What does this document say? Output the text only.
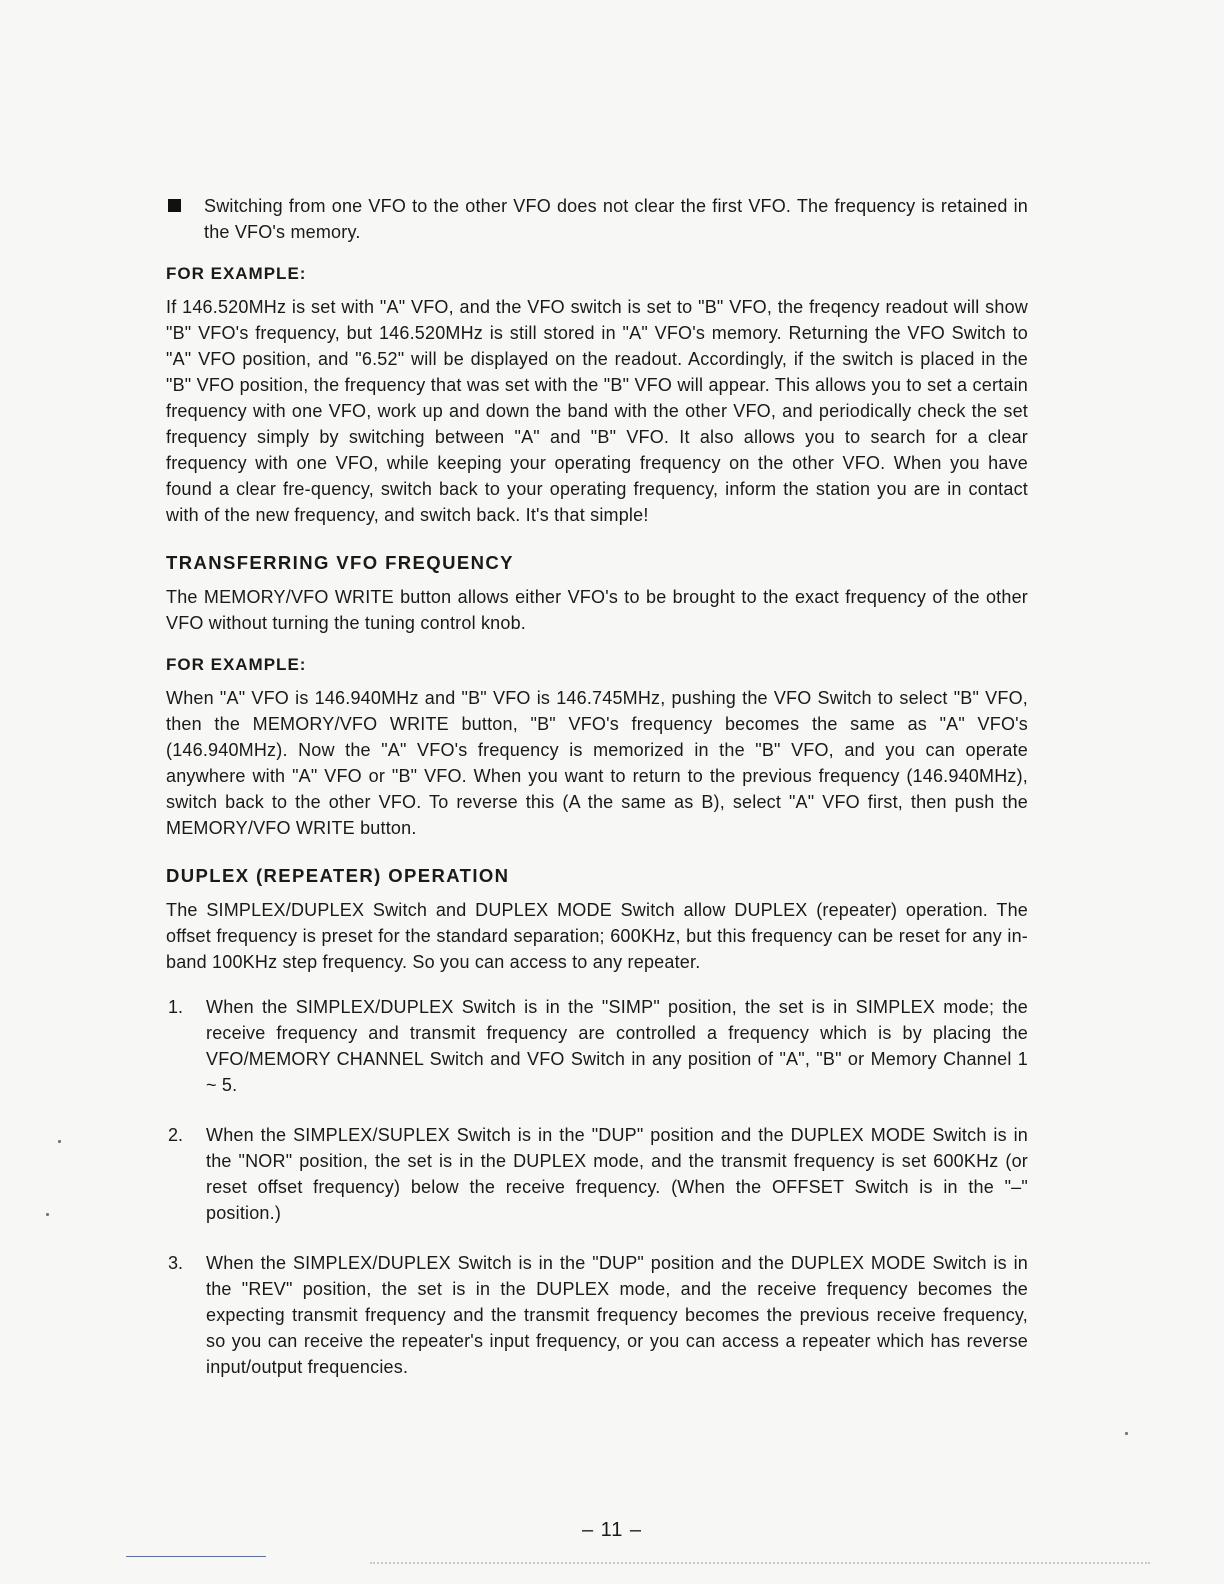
Switching from one VFO to the other VFO does not clear the first VFO. The frequency is retained in the VFO's memory.

FOR EXAMPLE:

If 146.520MHz is set with "A" VFO, and the VFO switch is set to "B" VFO, the freqency readout will show "B" VFO's frequency, but 146.520MHz is still stored in "A" VFO's memory. Returning the VFO Switch to "A" VFO position, and "6.52" will be displayed on the readout. Accordingly, if the switch is placed in the "B" VFO position, the frequency that was set with the "B" VFO will appear. This allows you to set a certain frequency with one VFO, work up and down the band with the other VFO, and periodically check the set frequency simply by switching between "A" and "B" VFO. It also allows you to search for a clear frequency with one VFO, while keeping your operating frequency on the other VFO. When you have found a clear fre-quency, switch back to your operating frequency, inform the station you are in contact with of the new frequency, and switch back. It's that simple!

TRANSFERRING VFO FREQUENCY

The MEMORY/VFO WRITE button allows either VFO's to be brought to the exact frequency of the other VFO without turning the tuning control knob.

FOR EXAMPLE:

When "A" VFO is 146.940MHz and "B" VFO is 146.745MHz, pushing the VFO Switch to select "B" VFO, then the MEMORY/VFO WRITE button, "B" VFO's frequency becomes the same as "A" VFO's (146.940MHz). Now the "A" VFO's frequency is memorized in the "B" VFO, and you can operate anywhere with "A" VFO or "B" VFO. When you want to return to the previous frequency (146.940MHz), switch back to the other VFO. To reverse this (A the same as B), select "A" VFO first, then push the MEMORY/VFO WRITE button.

DUPLEX (REPEATER) OPERATION

The SIMPLEX/DUPLEX Switch and DUPLEX MODE Switch allow DUPLEX (repeater) operation. The offset frequency is preset for the standard separation; 600KHz, but this frequency can be reset for any in-band 100KHz step frequency. So you can access to any repeater.

1. When the SIMPLEX/DUPLEX Switch is in the "SIMP" position, the set is in SIMPLEX mode; the receive frequency and transmit frequency are controlled a frequency which is by placing the VFO/MEMORY CHANNEL Switch and VFO Switch in any position of "A", "B" or Memory Channel 1 ~ 5.

2. When the SIMPLEX/SUPLEX Switch is in the "DUP" position and the DUPLEX MODE Switch is in the "NOR" position, the set is in the DUPLEX mode, and the transmit frequency is set 600KHz (or reset offset frequency) below the receive frequency. (When the OFFSET Switch is in the "–" position.)

3. When the SIMPLEX/DUPLEX Switch is in the "DUP" position and the DUPLEX MODE Switch is in the "REV" position, the set is in the DUPLEX mode, and the receive frequency becomes the expecting transmit frequency and the transmit frequency becomes the previous receive frequency, so you can receive the repeater's input frequency, or you can access a repeater which has reverse input/output frequencies.

– 11 –
